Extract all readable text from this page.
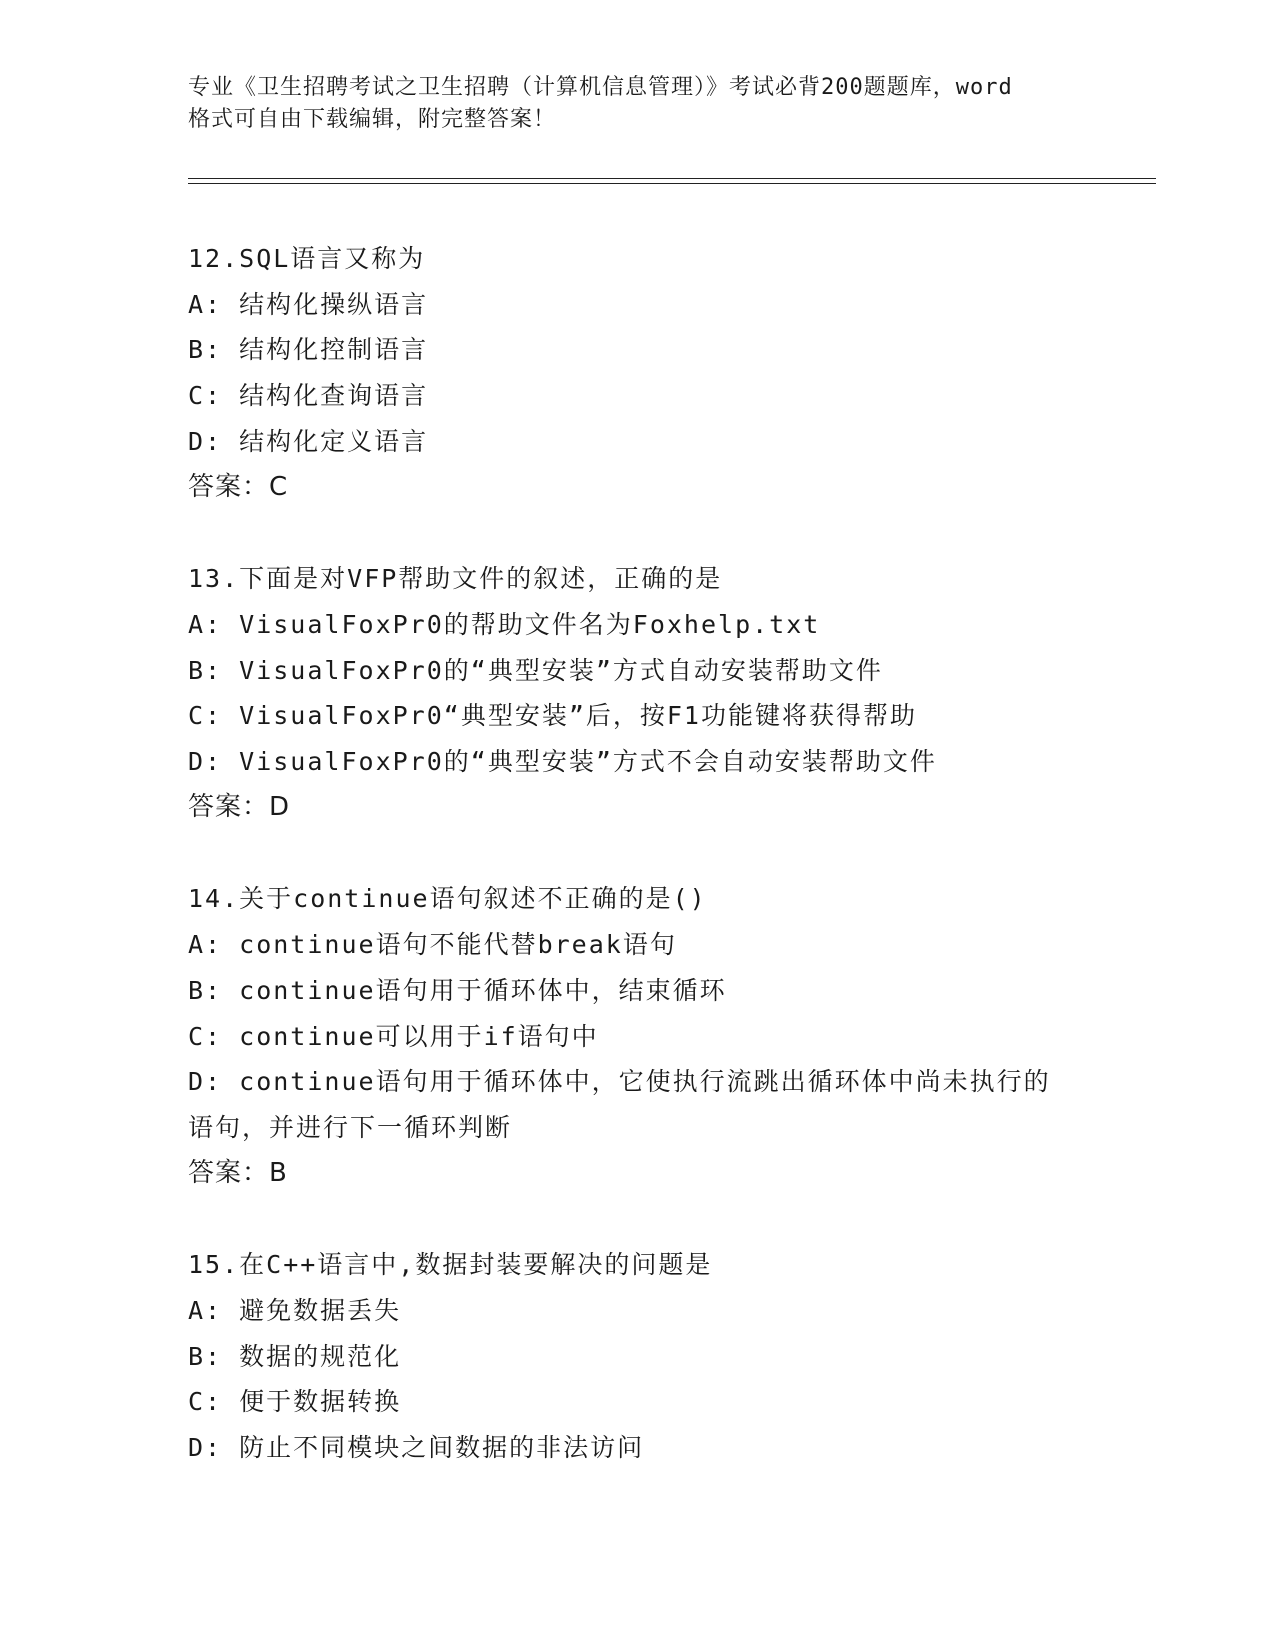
专业《卫生招聘考试之卫生招聘（计算机信息管理）》考试必背200题题库，word
格式可自由下载编辑，附完整答案！
12.SQL语言又称为
A: 结构化操纵语言
B: 结构化控制语言
C: 结构化查询语言
D: 结构化定义语言
答案：C
13.下面是对VFP帮助文件的叙述，正确的是
A: VisualFoxPr0的帮助文件名为Foxhelp.txt
B: VisualFoxPr0的“典型安装”方式自动安装帮助文件
C: VisualFoxPr0“典型安装”后，按F1功能键将获得帮助
D: VisualFoxPr0的“典型安装”方式不会自动安装帮助文件
答案：D
14.关于continue语句叙述不正确的是()
A: continue语句不能代替break语句
B: continue语句用于循环体中，结束循环
C: continue可以用于if语句中
D: continue语句用于循环体中，它使执行流跳出循环体中尚未执行的
语句，并进行下一循环判断
答案：B
15.在C++语言中,数据封装要解决的问题是
A: 避免数据丢失
B: 数据的规范化
C: 便于数据转换
D: 防止不同模块之间数据的非法访问
